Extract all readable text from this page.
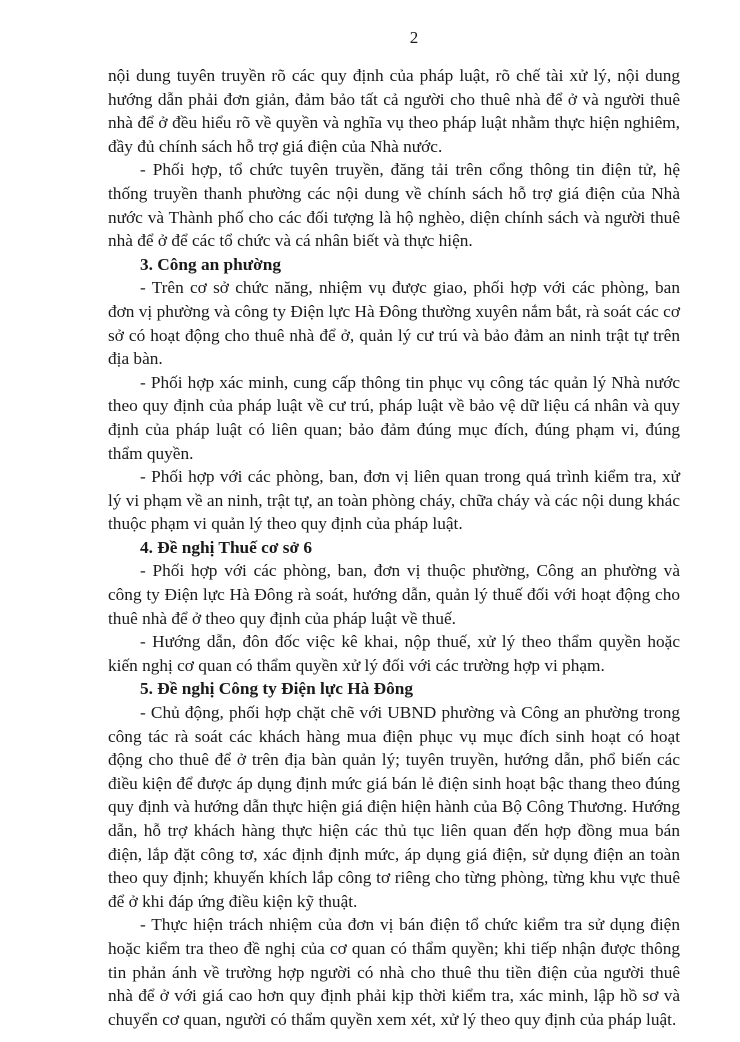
2

nội dung tuyên truyền rõ các quy định của pháp luật, rõ chế tài xử lý, nội dung hướng dẫn phải đơn giản, đảm bảo tất cả người cho thuê nhà để ở và người thuê nhà để ở đều hiểu rõ về quyền và nghĩa vụ theo pháp luật nhằm thực hiện nghiêm, đầy đủ chính sách hỗ trợ giá điện của Nhà nước.

- Phối hợp, tổ chức tuyên truyền, đăng tải trên cổng thông tin điện tử, hệ thống truyền thanh phường các nội dung về chính sách hỗ trợ giá điện của Nhà nước và Thành phố cho các đối tượng là hộ nghèo, diện chính sách và người thuê nhà để ở để các tổ chức và cá nhân biết và thực hiện.

3. Công an phường

- Trên cơ sở chức năng, nhiệm vụ được giao, phối hợp với các phòng, ban đơn vị phường và công ty Điện lực Hà Đông thường xuyên nắm bắt, rà soát các cơ sở có hoạt động cho thuê nhà để ở, quản lý cư trú và bảo đảm an ninh trật tự trên địa bàn.

- Phối hợp xác minh, cung cấp thông tin phục vụ công tác quản lý Nhà nước theo quy định của pháp luật về cư trú, pháp luật về bảo vệ dữ liệu cá nhân và quy định của pháp luật có liên quan; bảo đảm đúng mục đích, đúng phạm vi, đúng thẩm quyền.

- Phối hợp với các phòng, ban, đơn vị liên quan trong quá trình kiểm tra, xử lý vi phạm về an ninh, trật tự, an toàn phòng cháy, chữa cháy và các nội dung khác thuộc phạm vi quản lý theo quy định của pháp luật.

4. Đề nghị Thuế cơ sở 6

- Phối hợp với các phòng, ban, đơn vị thuộc phường, Công an phường và công ty Điện lực Hà Đông rà soát, hướng dẫn, quản lý thuế đối với hoạt động cho thuê nhà để ở theo quy định của pháp luật về thuế.

- Hướng dẫn, đôn đốc việc kê khai, nộp thuế, xử lý theo thẩm quyền hoặc kiến nghị cơ quan có thẩm quyền xử lý đối với các trường hợp vi phạm.

5. Đề nghị Công ty Điện lực Hà Đông

- Chủ động, phối hợp chặt chẽ với UBND phường và Công an phường trong công tác rà soát các khách hàng mua điện phục vụ mục đích sinh hoạt có hoạt động cho thuê để ở trên địa bàn quản lý; tuyên truyền, hướng dẫn, phổ biến các điều kiện để được áp dụng định mức giá bán lẻ điện sinh hoạt bậc thang theo đúng quy định và hướng dẫn thực hiện giá điện hiện hành của Bộ Công Thương. Hướng dẫn, hỗ trợ khách hàng thực hiện các thủ tục liên quan đến hợp đồng mua bán điện, lắp đặt công tơ, xác định định mức, áp dụng giá điện, sử dụng điện an toàn theo quy định; khuyến khích lắp công tơ riêng cho từng phòng, từng khu vực thuê để ở khi đáp ứng điều kiện kỹ thuật.

- Thực hiện trách nhiệm của đơn vị bán điện tổ chức kiểm tra sử dụng điện hoặc kiểm tra theo đề nghị của cơ quan có thẩm quyền; khi tiếp nhận được thông tin phản ánh về trường hợp người có nhà cho thuê thu tiền điện của người thuê nhà để ở với giá cao hơn quy định phải kịp thời kiểm tra, xác minh, lập hồ sơ và chuyển cơ quan, người có thẩm quyền xem xét, xử lý theo quy định của pháp luật.
